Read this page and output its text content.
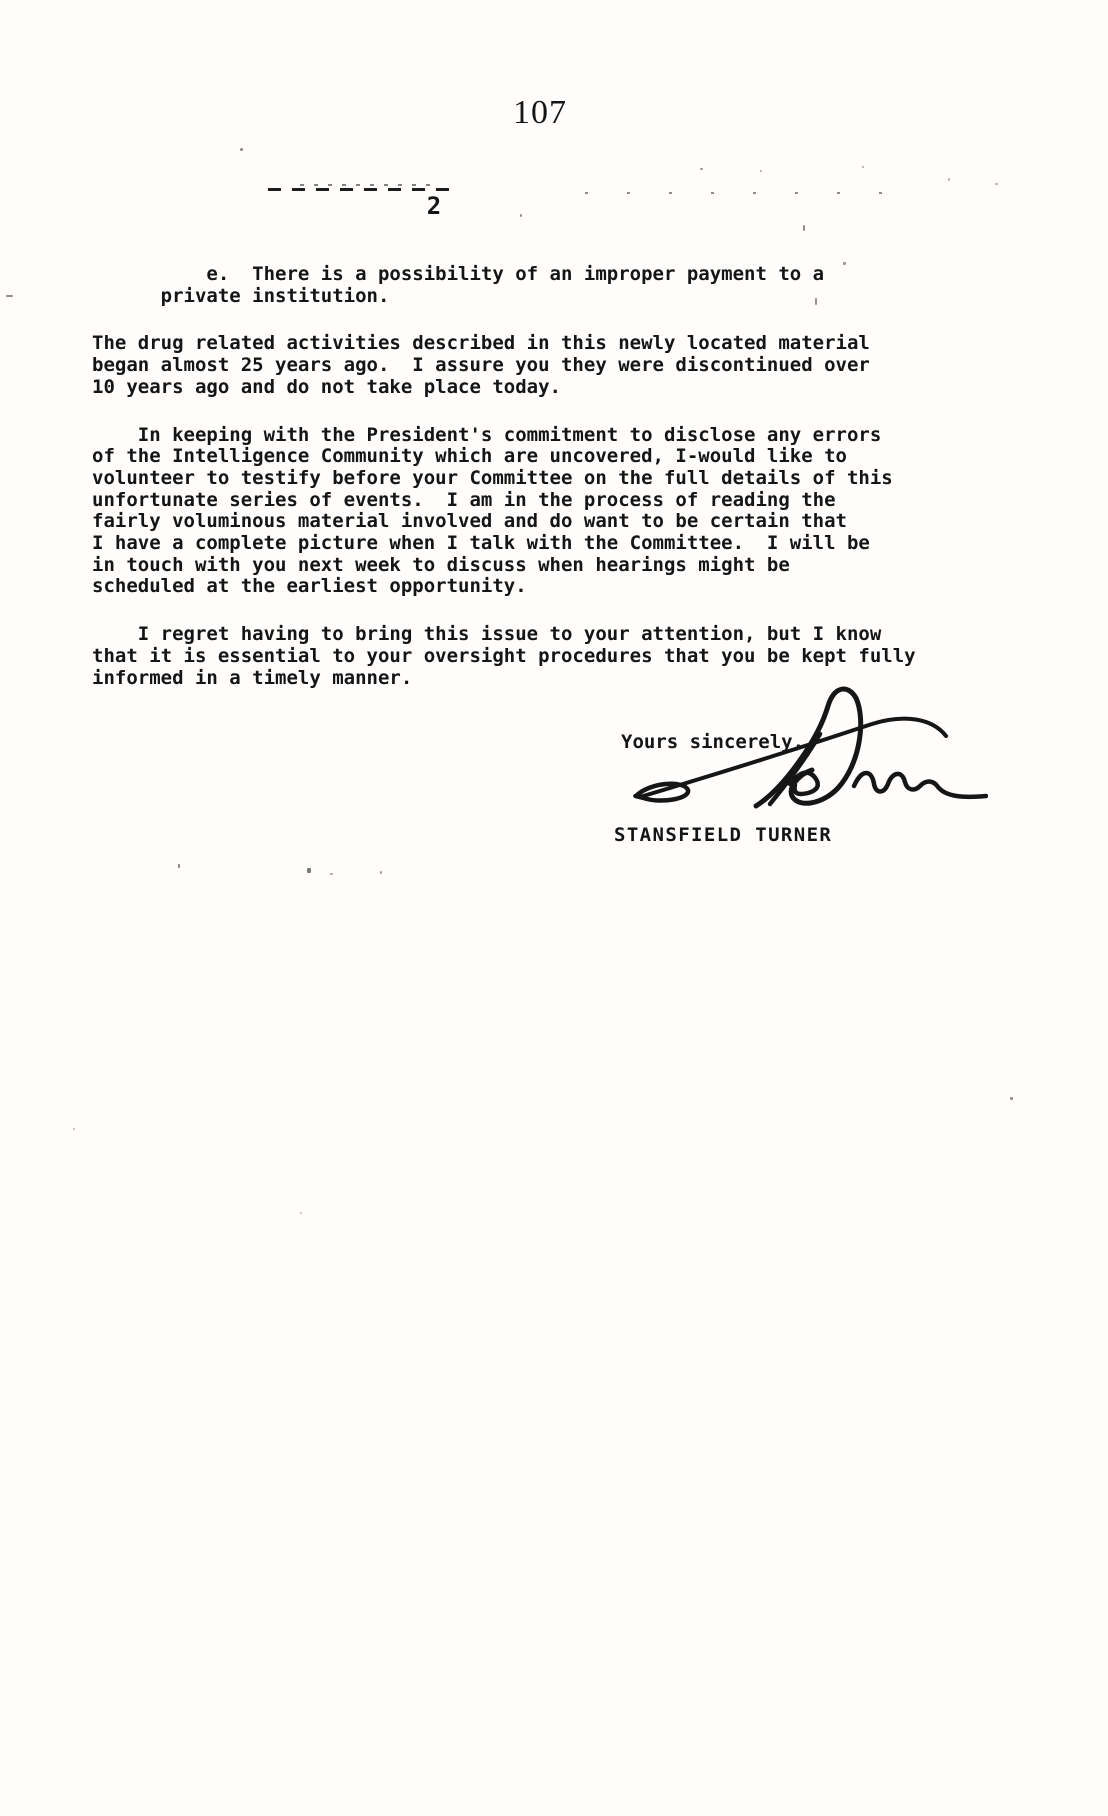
107
2
e.  There is a possibility of an improper payment to a
private institution.
The drug related activities described in this newly located material
began almost 25 years ago.  I assure you they were discontinued over
10 years ago and do not take place today.
In keeping with the President's commitment to disclose any errors
of the Intelligence Community which are uncovered, I-would like to
volunteer to testify before your Committee on the full details of this
unfortunate series of events.  I am in the process of reading the
fairly voluminous material involved and do want to be certain that
I have a complete picture when I talk with the Committee.  I will be
in touch with you next week to discuss when hearings might be
scheduled at the earliest opportunity.
I regret having to bring this issue to your attention, but I know
that it is essential to your oversight procedures that you be kept fully
informed in a timely manner.
Yours sincerely,
STANSFIELD TURNER
